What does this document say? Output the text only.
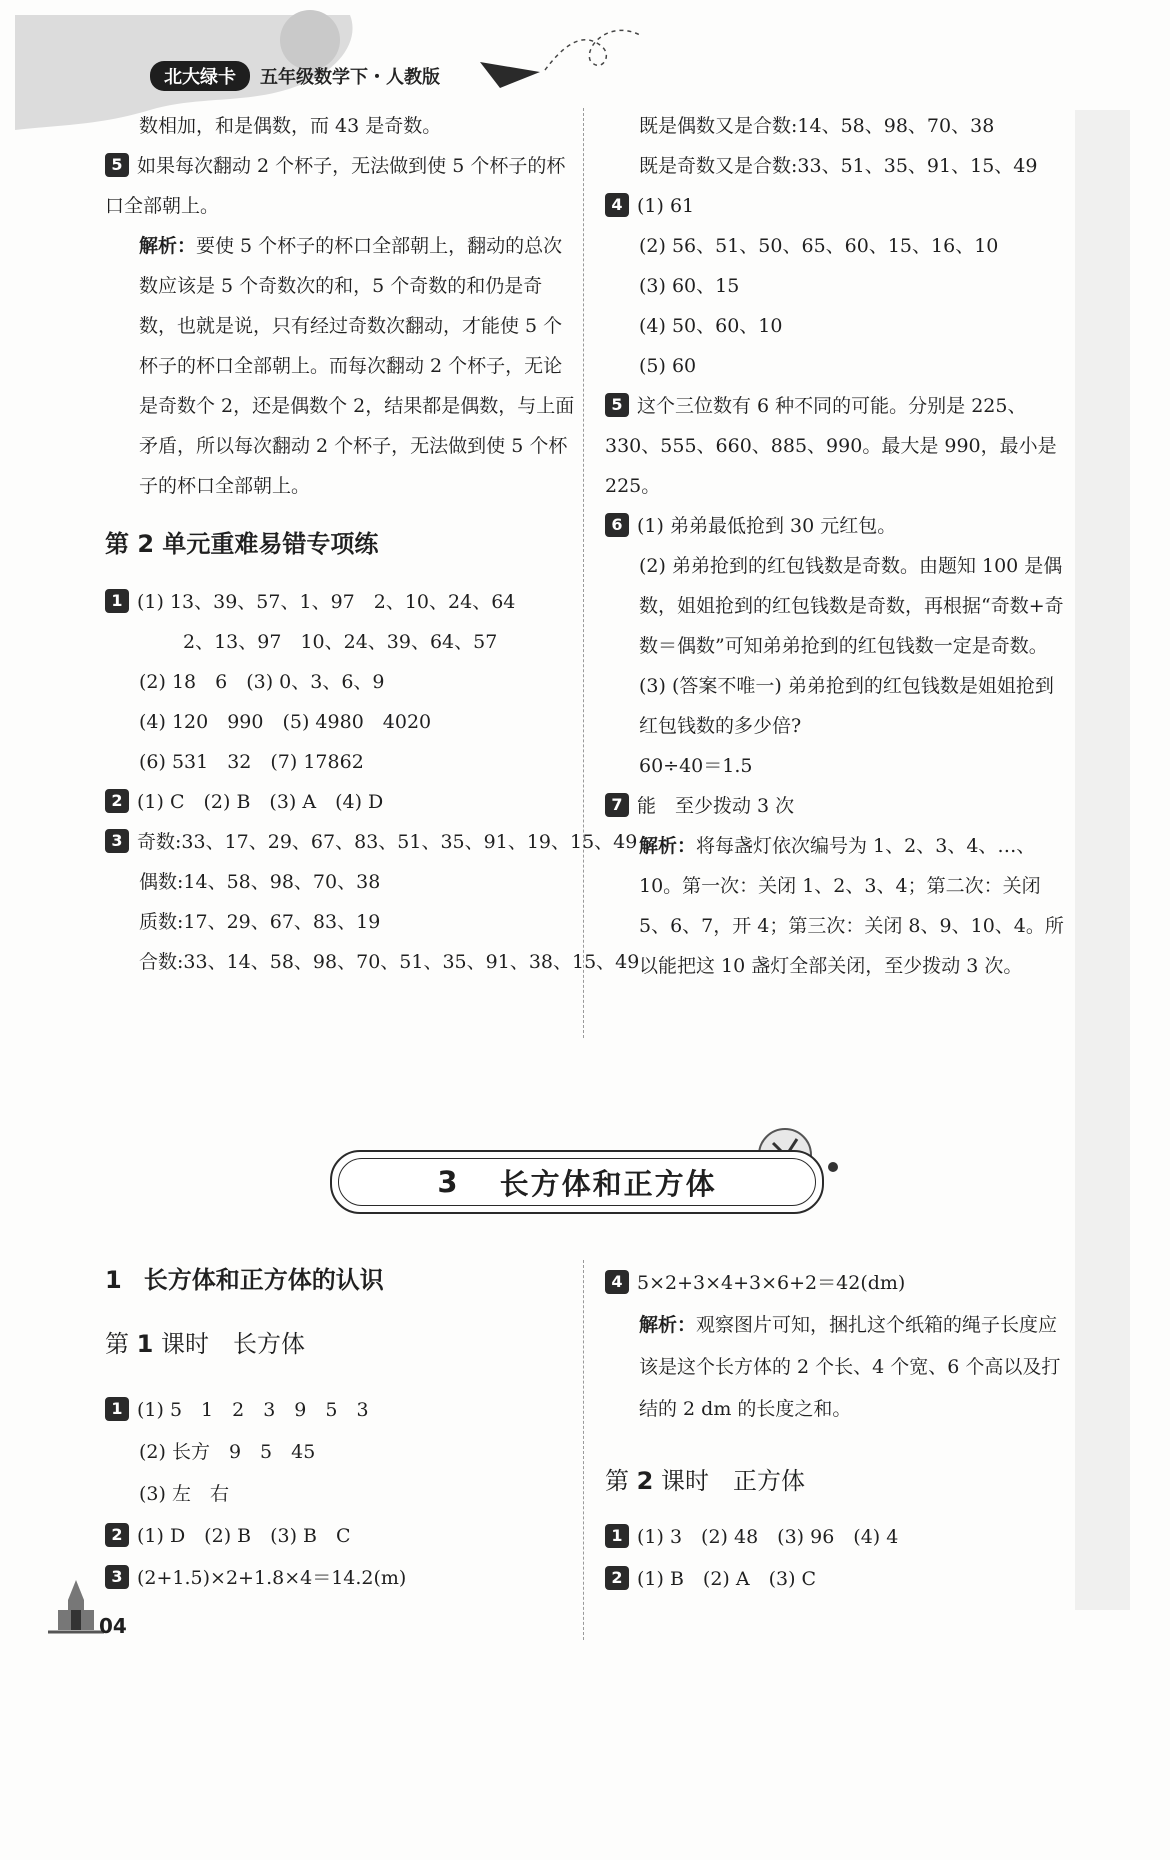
北大绿卡	五年级数学下・人教版
数相加，和是偶数，而 43 是奇数。
5 如果每次翻动 2 个杯子，无法做到使 5 个杯子的杯口全部朝上。
解析：要使 5 个杯子的杯口全部朝上，翻动的总次数应该是 5 个奇数次的和，5 个奇数的和仍是奇数，也就是说，只有经过奇数次翻动，才能使 5 个杯子的杯口全部朝上。而每次翻动 2 个杯子，无论是奇数个 2，还是偶数个 2，结果都是偶数，与上面矛盾，所以每次翻动 2 个杯子，无法做到使 5 个杯子的杯口全部朝上。
第 2 单元重难易错专项练
1 (1) 13、39、57、1、97　2、10、24、64
2、13、97　10、24、39、64、57
(2) 18　6　(3) 0、3、6、9
(4) 120　990　(5) 4980　4020
(6) 531　32　(7) 17862
2 (1) C　(2) B　(3) A　(4) D
3 奇数:33、17、29、67、83、51、35、91、19、15、49
偶数:14、58、98、70、38
质数:17、29、67、83、19
合数:33、14、58、98、70、51、35、91、38、15、49
既是偶数又是合数:14、58、98、70、38
既是奇数又是合数:33、51、35、91、15、49
4 (1) 61
(2) 56、51、50、65、60、15、16、10
(3) 60、15
(4) 50、60、10
(5) 60
5 这个三位数有 6 种不同的可能。分别是 225、330、555、660、885、990。最大是 990，最小是 225。
6 (1) 弟弟最低抢到 30 元红包。
(2) 弟弟抢到的红包钱数是奇数。由题知 100 是偶数，姐姐抢到的红包钱数是奇数，再根据“奇数+奇数＝偶数”可知弟弟抢到的红包钱数一定是奇数。
(3) (答案不唯一) 弟弟抢到的红包钱数是姐姐抢到红包钱数的多少倍?
60÷40＝1.5
7 能　至少拨动 3 次
解析：将每盏灯依次编号为 1、2、3、4、…、10。第一次：关闭 1、2、3、4；第二次：关闭 5、6、7，开 4；第三次：关闭 8、9、10、4。所以能把这 10 盏灯全部关闭，至少拨动 3 次。
3 长方体和正方体
1 长方体和正方体的认识
第 1 课时　长方体
1 (1) 5　1　2　3　9　5　3
(2) 长方　9　5　45
(3) 左　右
2 (1) D　(2) B　(3) B　C
3 (2+1.5)×2+1.8×4＝14.2(m)
4 5×2+3×4+3×6+2＝42(dm)
解析：观察图片可知，捆扎这个纸箱的绳子长度应该是这个长方体的 2 个长、4 个宽、6 个高以及打结的 2 dm 的长度之和。
第 2 课时　正方体
1 (1) 3　(2) 48　(3) 96　(4) 4
2 (1) B　(2) A　(3) C
04
